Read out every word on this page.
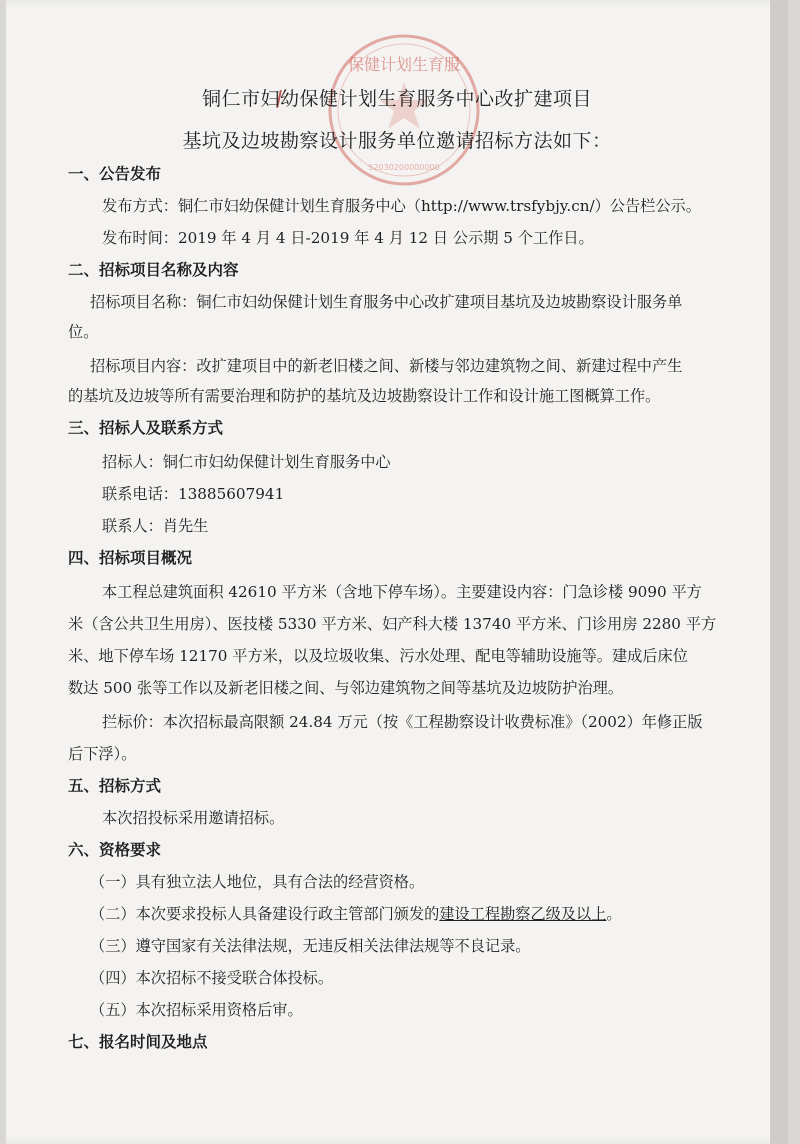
保健计划生育服
52030200000000
铜仁市妇幼保健计划生育服务中心改扩建项目
基坑及边坡勘察设计服务单位邀请招标方法如下：
一、公告发布
发布方式：铜仁市妇幼保健计划生育服务中心（http://www.trsfybjy.cn/）公告栏公示。
发布时间：2019 年 4 月 4 日-2019 年 4 月 12 日 公示期 5 个工作日。
二、招标项目名称及内容
招标项目名称：铜仁市妇幼保健计划生育服务中心改扩建项目基坑及边坡勘察设计服务单
位。
招标项目内容：改扩建项目中的新老旧楼之间、新楼与邻边建筑物之间、新建过程中产生
的基坑及边坡等所有需要治理和防护的基坑及边坡勘察设计工作和设计施工图概算工作。
三、招标人及联系方式
招标人：铜仁市妇幼保健计划生育服务中心
联系电话：13885607941
联系人：肖先生
四、招标项目概况
本工程总建筑面积 42610 平方米（含地下停车场）。主要建设内容：门急诊楼 9090 平方
米（含公共卫生用房）、医技楼 5330 平方米、妇产科大楼 13740 平方米、门诊用房 2280 平方
米、地下停车场 12170 平方米，以及垃圾收集、污水处理、配电等辅助设施等。建成后床位
数达 500 张等工作以及新老旧楼之间、与邻边建筑物之间等基坑及边坡防护治理。
拦标价：本次招标最高限额 24.84 万元（按《工程勘察设计收费标准》（2002）年修正版
后下浮）。
五、招标方式
本次招投标采用邀请招标。
六、资格要求
（一）具有独立法人地位，具有合法的经营资格。
（二）本次要求投标人具备建设行政主管部门颁发的建设工程勘察乙级及以上。
（三）遵守国家有关法律法规，无违反相关法律法规等不良记录。
（四）本次招标不接受联合体投标。
（五）本次招标采用资格后审。
七、报名时间及地点
